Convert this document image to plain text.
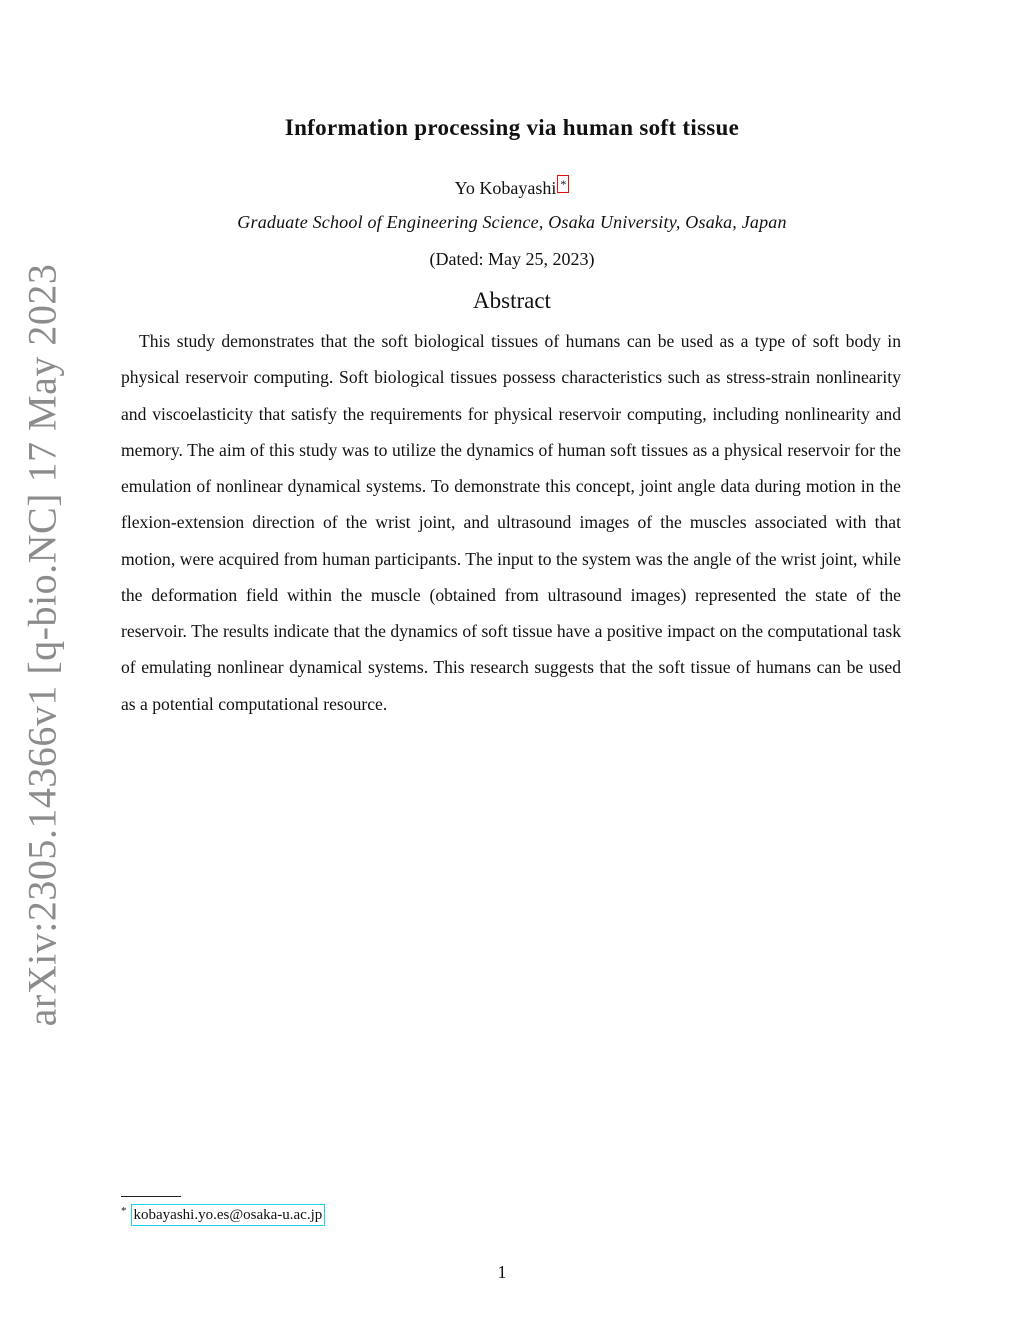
arXiv:2305.14366v1 [q-bio.NC] 17 May 2023
Information processing via human soft tissue
Yo Kobayashi *
Graduate School of Engineering Science, Osaka University, Osaka, Japan
(Dated: May 25, 2023)
Abstract

This study demonstrates that the soft biological tissues of humans can be used as a type of soft body in physical reservoir computing. Soft biological tissues possess characteristics such as stress-strain nonlinearity and viscoelasticity that satisfy the requirements for physical reservoir computing, including nonlinearity and memory. The aim of this study was to utilize the dynamics of human soft tissues as a physical reservoir for the emulation of nonlinear dynamical systems. To demonstrate this concept, joint angle data during motion in the flexion-extension direction of the wrist joint, and ultrasound images of the muscles associated with that motion, were acquired from human participants. The input to the system was the angle of the wrist joint, while the deformation field within the muscle (obtained from ultrasound images) represented the state of the reservoir. The results indicate that the dynamics of soft tissue have a positive impact on the computational task of emulating nonlinear dynamical systems. This research suggests that the soft tissue of humans can be used as a potential computational resource.

* kobayashi.yo.es@osaka-u.ac.jp
1
